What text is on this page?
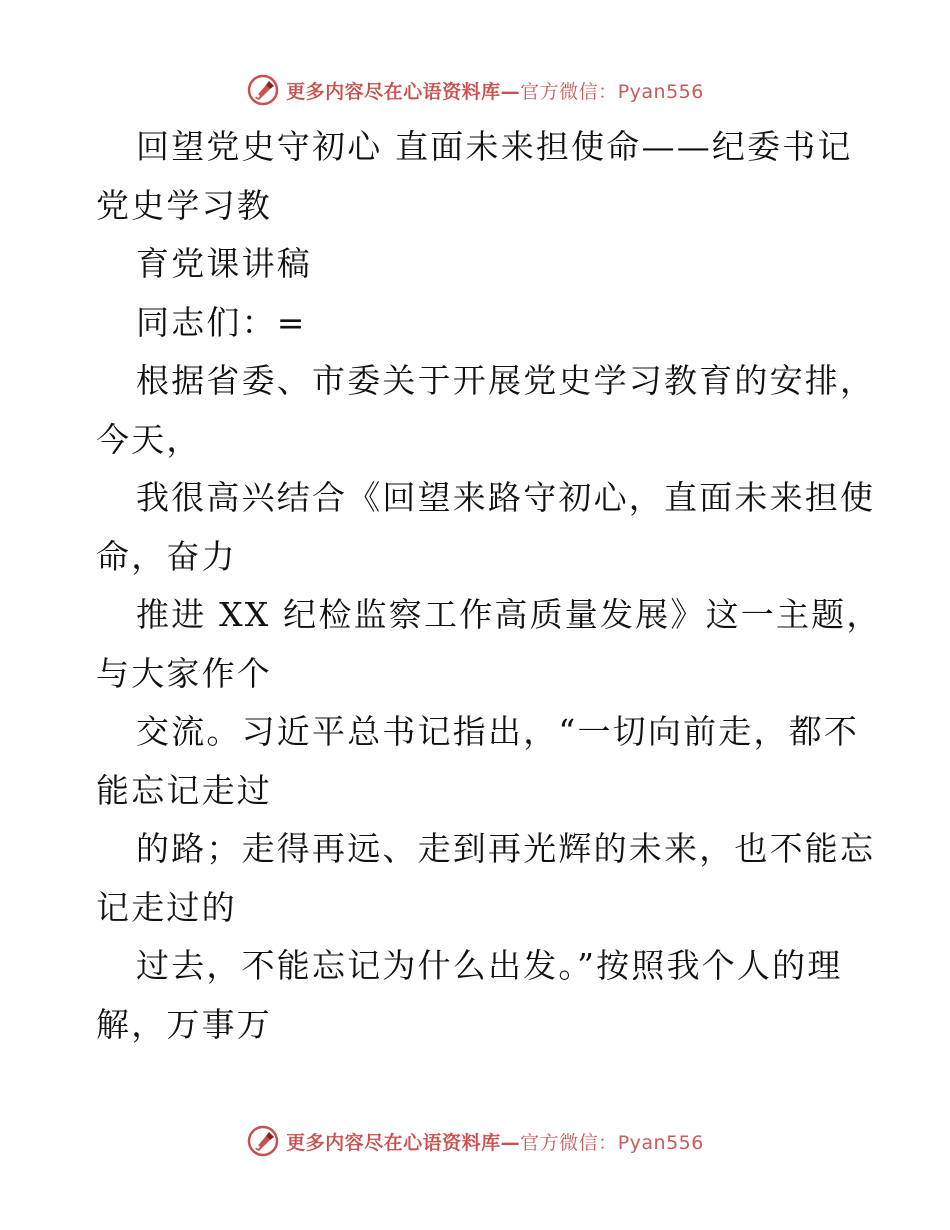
更多内容尽在心语资料库—官方微信：Pyan556
回望党史守初心 直面未来担使命——纪委书记
党史学习教
育党课讲稿
同志们：=
根据省委、市委关于开展党史学习教育的安排，
今天，
我很高兴结合《回望来路守初心，直面未来担使
命，奋力
推进 XX 纪检监察工作高质量发展》这一主题，
与大家作个
交流。习近平总书记指出，“一切向前走，都不
能忘记走过
的路；走得再远、走到再光辉的未来，也不能忘
记走过的
过去，不能忘记为什么出发。”按照我个人的理
解，万事万
更多内容尽在心语资料库—官方微信：Pyan556
